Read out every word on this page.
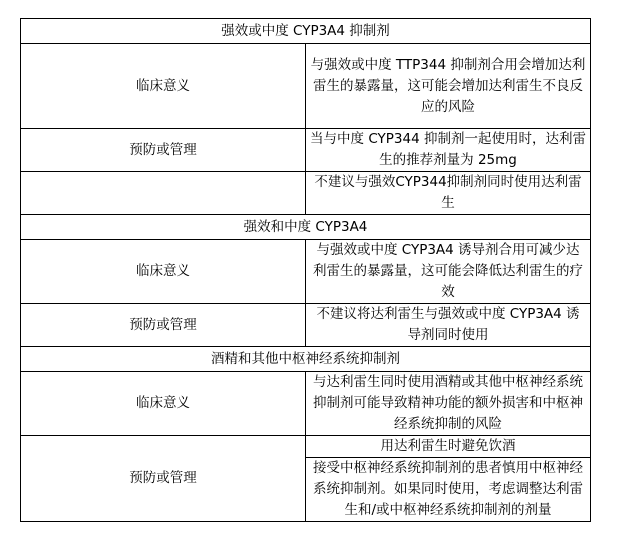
强效或中度 CYP3A4 抑制剂	
临床意义	与强效或中度 TTP344 抑制剂合用会增加达利雷生的暴露量，这可能会增加达利雷生不良反应的风险
预防或管理	当与中度 CYP344 抑制剂一起使用时，达利雷生的推荐剂量为 25mg
	不建议与强效CYP344抑制剂同时使用达利雷生
强效和中度 CYP3A4	
临床意义	与强效或中度 CYP3A4 诱导剂合用可减少达利雷生的暴露量，这可能会降低达利雷生的疗效
预防或管理	不建议将达利雷生与强效或中度 CYP3A4 诱导剂同时使用
酒精和其他中枢神经系统抑制剂	
临床意义	与达利雷生同时使用酒精或其他中枢神经系统抑制剂可能导致精神功能的额外损害和中枢神经系统抑制的风险
预防或管理	用达利雷生时避免饮酒
	接受中枢神经系统抑制剂的患者慎用中枢神经系统抑制剂。如果同时使用，考虑调整达利雷生和/或中枢神经系统抑制剂的剂量
